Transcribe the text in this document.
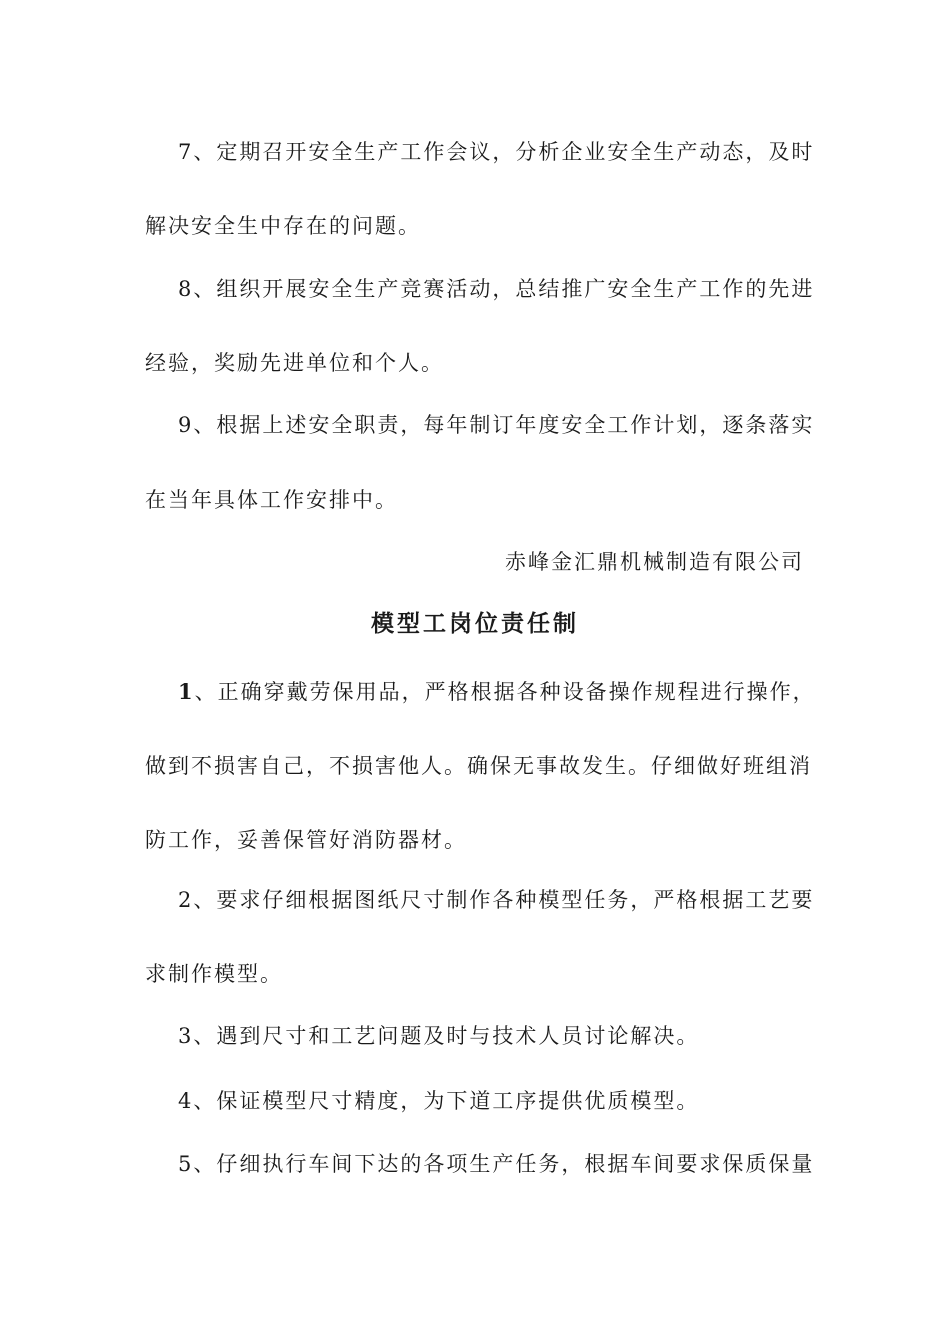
7、定期召开安全生产工作会议，分析企业安全生产动态，及时
解决安全生中存在的问题。
8、组织开展安全生产竞赛活动，总结推广安全生产工作的先进
经验，奖励先进单位和个人。
9、根据上述安全职责，每年制订年度安全工作计划，逐条落实
在当年具体工作安排中。
赤峰金汇鼎机械制造有限公司
模型工岗位责任制
1、正确穿戴劳保用品，严格根据各种设备操作规程进行操作，
做到不损害自己，不损害他人。确保无事故发生。仔细做好班组消
防工作，妥善保管好消防器材。
2、要求仔细根据图纸尺寸制作各种模型任务，严格根据工艺要
求制作模型。
3、遇到尺寸和工艺问题及时与技术人员讨论解决。
4、保证模型尺寸精度，为下道工序提供优质模型。
5、仔细执行车间下达的各项生产任务，根据车间要求保质保量
